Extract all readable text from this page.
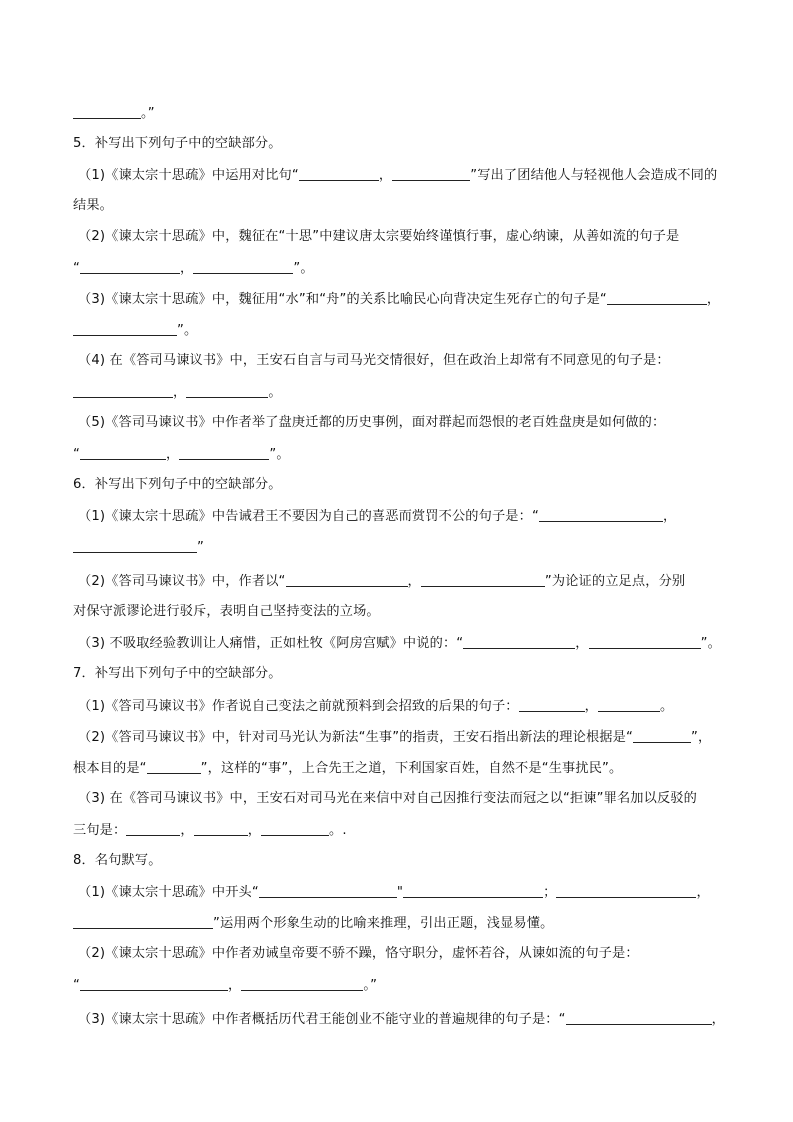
。”
5．补写出下列句子中的空缺部分。
（1)《谏太宗十思疏》中运用对比句“	，	”写出了团结他人与轻视他人会造成不同的
结果。
（2)《谏太宗十思疏》中，魏征在“十思”中建议唐太宗要始终谨慎行事，虚心纳谏，从善如流的句子是
“	，	”。
（3)《谏太宗十思疏》中，魏征用“水”和“舟”的关系比喻民心向背决定生死存亡的句子是“	，
”。
（4) 在《答司马谏议书》中，王安石自言与司马光交情很好，但在政治上却常有不同意见的句子是：
，	。
（5)《答司马谏议书》中作者举了盘庚迁都的历史事例，面对群起而怨恨的老百姓盘庚是如何做的：
“	，	”。
6．补写出下列句子中的空缺部分。
（1)《谏太宗十思疏》中告诫君王不要因为自己的喜恶而赏罚不公的句子是：“	，
”
（2)《答司马谏议书》中，作者以“	，	”为论证的立足点，分别
对保守派谬论进行驳斥，表明自己坚持变法的立场。
（3) 不吸取经验教训让人痛惜，正如杜牧《阿房宫赋》中说的：“	，	”。
7．补写出下列句子中的空缺部分。
（1)《答司马谏议书》作者说自己变法之前就预料到会招致的后果的句子：	，	。
（2)《答司马谏议书》中，针对司马光认为新法“生事”的指责，王安石指出新法的理论根据是“	”，
根本目的是“	”，这样的“事”，上合先王之道，下利国家百姓，自然不是“生事扰民”。
（3) 在《答司马谏议书》中，王安石对司马光在来信中对自己因推行变法而冠之以“拒谏”罪名加以反驳的
三句是：	，	，	。.
8．名句默写。
（1)《谏太宗十思疏》中开头“	"	；	，
”运用两个形象生动的比喻来推理，引出正题，浅显易懂。
（2)《谏太宗十思疏》中作者劝诫皇帝要不骄不躁，恪守职分，虚怀若谷，从谏如流的句子是：
“	，	。”
（3)《谏太宗十思疏》中作者概括历代君王能创业不能守业的普遍规律的句子是：“	，
